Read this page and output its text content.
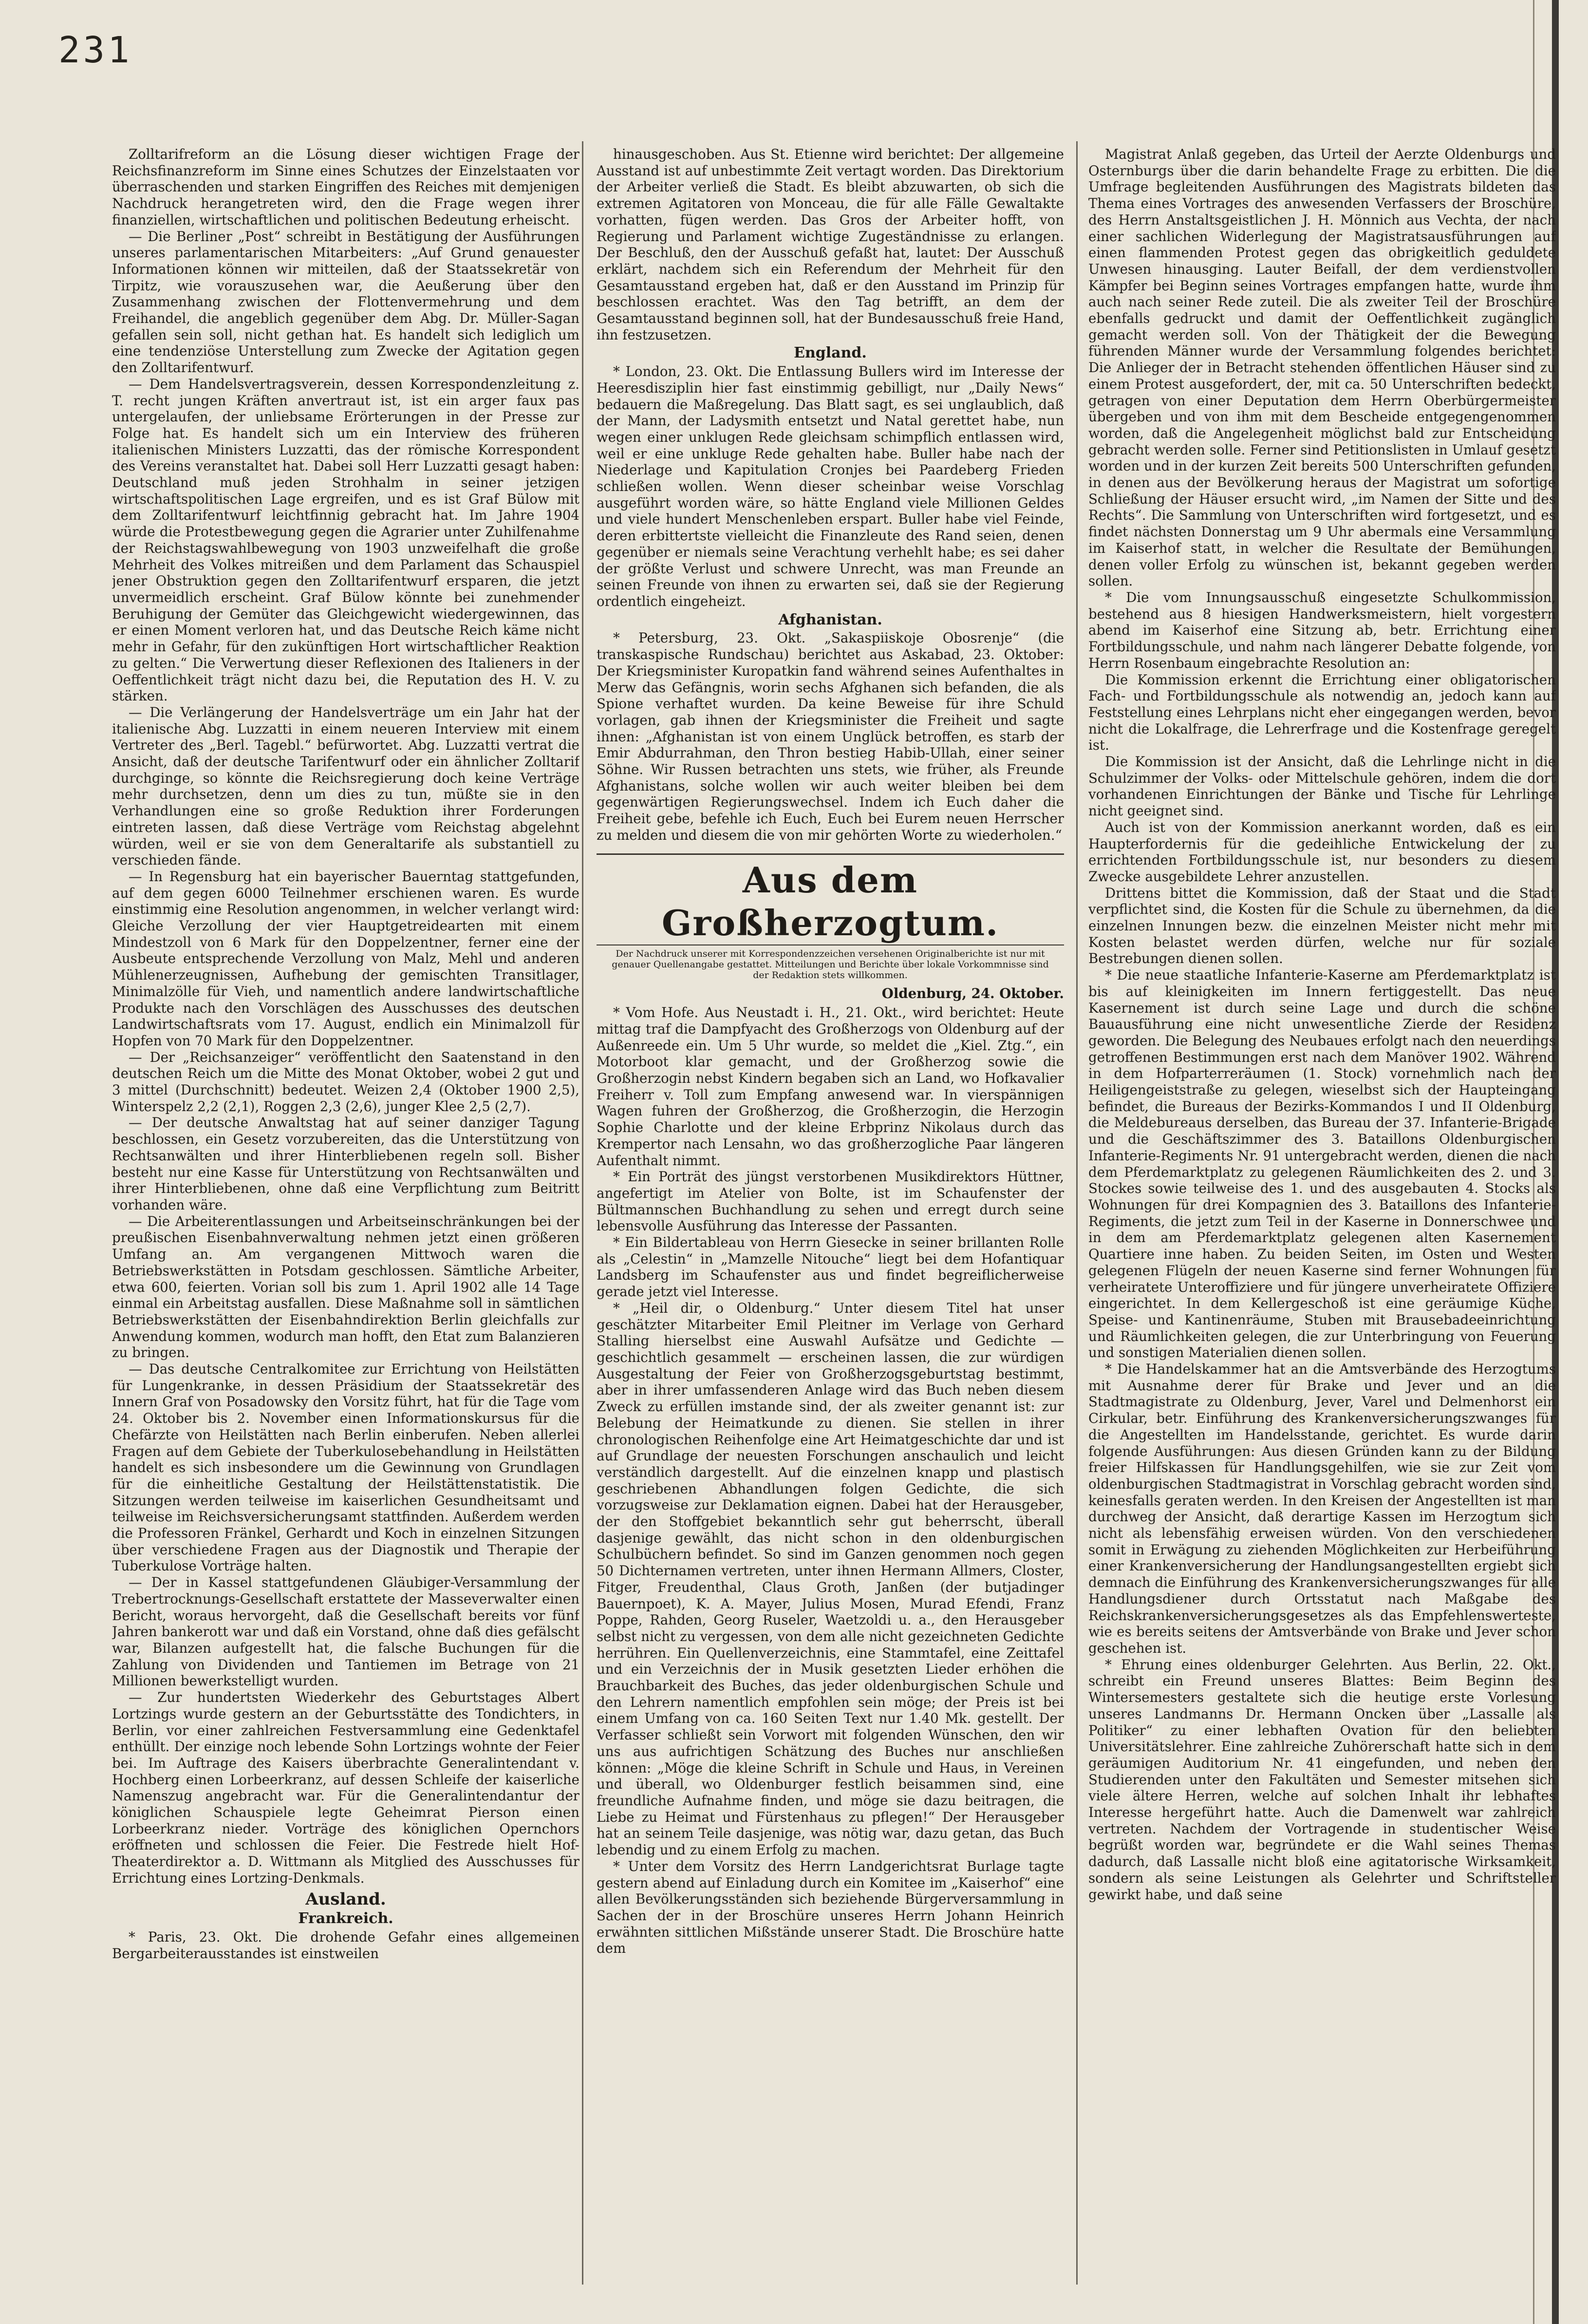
231

Zolltarifreform an die Lösung dieser wichtigen Frage der Reichsfinanzreform im Sinne eines Schutzes der Einzelstaaten vor überraschenden und starken Eingriffen des Reiches mit demjenigen Nachdruck herangetreten wird, den die Frage wegen ihrer finanziellen, wirtschaftlichen und politischen Bedeutung erheischt.

— Die Berliner „Post“ schreibt in Bestätigung der Ausführungen unseres parlamentarischen Mitarbeiters: „Auf Grund genauester Informationen können wir mitteilen, daß der Staatssekretär von Tirpitz, wie vorauszusehen war, die Aeußerung über den Zusammenhang zwischen der Flottenvermehrung und dem Freihandel, die angeblich gegenüber dem Abg. Dr. Müller-Sagan gefallen sein soll, nicht gethan hat. Es handelt sich lediglich um eine tendenziöse Unterstellung zum Zwecke der Agitation gegen den Zolltarifentwurf.

— Dem Handelsvertragsverein, dessen Korrespondenzleitung z. T. recht jungen Kräften anvertraut ist, ist ein arger faux pas untergelaufen, der unliebsame Erörterungen in der Presse zur Folge hat. Es handelt sich um ein Interview des früheren italienischen Ministers Luzzatti, das der römische Korrespondent des Vereins veranstaltet hat. Dabei soll Herr Luzzatti gesagt haben: Deutschland muß jeden Strohhalm in seiner jetzigen wirtschaftspolitischen Lage ergreifen, und es ist Graf Bülow mit dem Zolltarifentwurf leichtfinnig gebracht hat. Im Jahre 1904 würde die Protestbewegung gegen die Agrarier unter Zuhilfenahme der Reichstagswahlbewegung von 1903 unzweifelhaft die große Mehrheit des Volkes mitreißen und dem Parlament das Schauspiel jener Obstruktion gegen den Zolltarifentwurf ersparen, die jetzt unvermeidlich erscheint. Graf Bülow könnte bei zunehmender Beruhigung der Gemüter das Gleichgewicht wiedergewinnen, das er einen Moment verloren hat, und das Deutsche Reich käme nicht mehr in Gefahr, für den zukünftigen Hort wirtschaftlicher Reaktion zu gelten.“ Die Verwertung dieser Reflexionen des Italieners in der Oeffentlichkeit trägt nicht dazu bei, die Reputation des H. V. zu stärken.

— Die Verlängerung der Handelsverträge um ein Jahr hat der italienische Abg. Luzzatti in einem neueren Interview mit einem Vertreter des „Berl. Tagebl.“ befürwortet. Abg. Luzzatti vertrat die Ansicht, daß der deutsche Tarifentwurf oder ein ähnlicher Zolltarif durchginge, so könnte die Reichsregierung doch keine Verträge mehr durchsetzen, denn um dies zu tun, müßte sie in den Verhandlungen eine so große Reduktion ihrer Forderungen eintreten lassen, daß diese Verträge vom Reichstag abgelehnt würden, weil er sie von dem Generaltarife als substantiell zu verschieden fände.

— In Regensburg hat ein bayerischer Bauerntag stattgefunden, auf dem gegen 6000 Teilnehmer erschienen waren. Es wurde einstimmig eine Resolution angenommen, in welcher verlangt wird: Gleiche Verzollung der vier Hauptgetreidearten mit einem Mindestzoll von 6 Mark für den Doppelzentner, ferner eine der Ausbeute entsprechende Verzollung von Malz, Mehl und anderen Mühlenerzeugnissen, Aufhebung der gemischten Transitlager, Minimalzölle für Vieh, und namentlich andere landwirtschaftliche Produkte nach den Vorschlägen des Ausschusses des deutschen Landwirtschaftsrats vom 17. August, endlich ein Minimalzoll für Hopfen von 70 Mark für den Doppelzentner.

— Der „Reichsanzeiger“ veröffentlicht den Saatenstand in den deutschen Reich um die Mitte des Monat Oktober, wobei 2 gut und 3 mittel (Durchschnitt) bedeutet. Weizen 2,4 (Oktober 1900 2,5), Winterspelz 2,2 (2,1), Roggen 2,3 (2,6), junger Klee 2,5 (2,7).

— Der deutsche Anwaltstag hat auf seiner danziger Tagung beschlossen, ein Gesetz vorzubereiten, das die Unterstützung von Rechtsanwälten und ihrer Hinterbliebenen regeln soll. Bisher besteht nur eine Kasse für Unterstützung von Rechtsanwälten und ihrer Hinterbliebenen, ohne daß eine Verpflichtung zum Beitritt vorhanden wäre.

— Die Arbeiterentlassungen und Arbeitseinschränkungen bei der preußischen Eisenbahnverwaltung nehmen jetzt einen größeren Umfang an. Am vergangenen Mittwoch waren die Betriebswerkstätten in Potsdam geschlossen. Sämtliche Arbeiter, etwa 600, feierten. Vorian soll bis zum 1. April 1902 alle 14 Tage einmal ein Arbeitstag ausfallen. Diese Maßnahme soll in sämtlichen Betriebswerkstätten der Eisenbahndirektion Berlin gleichfalls zur Anwendung kommen, wodurch man hofft, den Etat zum Balanzieren zu bringen.

— Das deutsche Centralkomitee zur Errichtung von Heilstätten für Lungenkranke, in dessen Präsidium der Staatssekretär des Innern Graf von Posadowsky den Vorsitz führt, hat für die Tage vom 24. Oktober bis 2. November einen Informationskursus für die Chefärzte von Heilstätten nach Berlin einberufen. Neben allerlei Fragen auf dem Gebiete der Tuberkulosebehandlung in Heilstätten handelt es sich insbesondere um die Gewinnung von Grundlagen für die einheitliche Gestaltung der Heilstättenstatistik. Die Sitzungen werden teilweise im kaiserlichen Gesundheitsamt und teilweise im Reichsversicherungsamt stattfinden. Außerdem werden die Professoren Fränkel, Gerhardt und Koch in einzelnen Sitzungen über verschiedene Fragen aus der Diagnostik und Therapie der Tuberkulose Vorträge halten.

— Der in Kassel stattgefundenen Gläubiger-Versammlung der Trebertrocknungs-Gesellschaft erstattete der Masseverwalter einen Bericht, woraus hervorgeht, daß die Gesellschaft bereits vor fünf Jahren bankerott war und daß ein Vorstand, ohne daß dies gefälscht war, Bilanzen aufgestellt hat, die falsche Buchungen für die Zahlung von Dividenden und Tantiemen im Betrage von 21 Millionen bewerkstelligt wurden.

— Zur hundertsten Wiederkehr des Geburtstages Albert Lortzings wurde gestern an der Geburtsstätte des Tondichters, in Berlin, vor einer zahlreichen Festversammlung eine Gedenktafel enthüllt. Der einzige noch lebende Sohn Lortzings wohnte der Feier bei. Im Auftrage des Kaisers überbrachte Generalintendant v. Hochberg einen Lorbeerkranz, auf dessen Schleife der kaiserliche Namenszug angebracht war. Für die Generalintendantur der königlichen Schauspiele legte Geheimrat Pierson einen Lorbeerkranz nieder. Vorträge des königlichen Opernchors eröffneten und schlossen die Feier. Die Festrede hielt Hof-Theaterdirektor a. D. Wittmann als Mitglied des Ausschusses für Errichtung eines Lortzing-Denkmals.

Ausland.

Frankreich.

* Paris, 23. Okt. Die drohende Gefahr eines allgemeinen Bergarbeiterausstandes ist einstweilen

hinausgeschoben. Aus St. Etienne wird berichtet: Der allgemeine Ausstand ist auf unbestimmte Zeit vertagt worden. Das Direktorium der Arbeiter verließ die Stadt. Es bleibt abzuwarten, ob sich die extremen Agitatoren von Monceau, die für alle Fälle Gewaltakte vorhatten, fügen werden. Das Gros der Arbeiter hofft, von Regierung und Parlament wichtige Zugeständnisse zu erlangen. Der Beschluß, den der Ausschuß gefaßt hat, lautet: Der Ausschuß erklärt, nachdem sich ein Referendum der Mehrheit für den Gesamtausstand ergeben hat, daß er den Ausstand im Prinzip für beschlossen erachtet. Was den Tag betrifft, an dem der Gesamtausstand beginnen soll, hat der Bundesausschuß freie Hand, ihn festzusetzen.

England.

* London, 23. Okt. Die Entlassung Bullers wird im Interesse der Heeresdisziplin hier fast einstimmig gebilligt, nur „Daily News“ bedauern die Maßregelung. Das Blatt sagt, es sei unglaublich, daß der Mann, der Ladysmith entsetzt und Natal gerettet habe, nun wegen einer unklugen Rede gleichsam schimpflich entlassen wird, weil er eine unkluge Rede gehalten habe. Buller habe nach der Niederlage und Kapitulation Cronjes bei Paardeberg Frieden schließen wollen. Wenn dieser scheinbar weise Vorschlag ausgeführt worden wäre, so hätte England viele Millionen Geldes und viele hundert Menschenleben erspart. Buller habe viel Feinde, deren erbittertste vielleicht die Finanzleute des Rand seien, denen gegenüber er niemals seine Verachtung verhehlt habe; es sei daher der größte Verlust und schwere Unrecht, was man Freunde an seinen Freunde von ihnen zu erwarten sei, daß sie der Regierung ordentlich eingeheizt.

Afghanistan.

* Petersburg, 23. Okt. „Sakaspiiskoje Obosrenje“ (die transkaspische Rundschau) berichtet aus Askabad, 23. Oktober: Der Kriegsminister Kuropatkin fand während seines Aufenthaltes in Merw das Gefängnis, worin sechs Afghanen sich befanden, die als Spione verhaftet wurden. Da keine Beweise für ihre Schuld vorlagen, gab ihnen der Kriegsminister die Freiheit und sagte ihnen: „Afghanistan ist von einem Unglück betroffen, es starb der Emir Abdurrahman, den Thron bestieg Habib-Ullah, einer seiner Söhne. Wir Russen betrachten uns stets, wie früher, als Freunde Afghanistans, solche wollen wir auch weiter bleiben bei dem gegenwärtigen Regierungswechsel. Indem ich Euch daher die Freiheit gebe, befehle ich Euch, Euch bei Eurem neuen Herrscher zu melden und diesem die von mir gehörten Worte zu wiederholen.“

Aus dem Großherzogtum.

Der Nachdruck unserer mit Korrespondenzzeichen versehenen Originalberichte ist nur mit genauer Quellenangabe gestattet. Mitteilungen und Berichte über lokale Vorkommnisse sind der Redaktion stets willkommen.

Oldenburg, 24. Oktober.

* Vom Hofe. Aus Neustadt i. H., 21. Okt., wird berichtet: Heute mittag traf die Dampfyacht des Großherzogs von Oldenburg auf der Außenreede ein. Um 5 Uhr wurde, so meldet die „Kiel. Ztg.“, ein Motorboot klar gemacht, und der Großherzog sowie die Großherzogin nebst Kindern begaben sich an Land, wo Hofkavalier Freiherr v. Toll zum Empfang anwesend war. In vierspännigen Wagen fuhren der Großherzog, die Großherzogin, die Herzogin Sophie Charlotte und der kleine Erbprinz Nikolaus durch das Krempertor nach Lensahn, wo das großherzogliche Paar längeren Aufenthalt nimmt.

* Ein Porträt des jüngst verstorbenen Musikdirektors Hüttner, angefertigt im Atelier von Bolte, ist im Schaufenster der Bültmannschen Buchhandlung zu sehen und erregt durch seine lebensvolle Ausführung das Interesse der Passanten.

* Ein Bildertableau von Herrn Giesecke in seiner brillanten Rolle als „Celestin“ in „Mamzelle Nitouche“ liegt bei dem Hofantiquar Landsberg im Schaufenster aus und findet begreiflicherweise gerade jetzt viel Interesse.

* „Heil dir, o Oldenburg.“ Unter diesem Titel hat unser geschätzter Mitarbeiter Emil Pleitner im Verlage von Gerhard Stalling hierselbst eine Auswahl Aufsätze und Gedichte — geschichtlich gesammelt — erscheinen lassen, die zur würdigen Ausgestaltung der Feier von Großherzogsgeburtstag bestimmt, aber in ihrer umfassenderen Anlage wird das Buch neben diesem Zweck zu erfüllen imstande sind, der als zweiter genannt ist: zur Belebung der Heimatkunde zu dienen. Sie stellen in ihrer chronologischen Reihenfolge eine Art Heimatgeschichte dar und ist auf Grundlage der neuesten Forschungen anschaulich und leicht verständlich dargestellt. Auf die einzelnen knapp und plastisch geschriebenen Abhandlungen folgen Gedichte, die sich vorzugsweise zur Deklamation eignen. Dabei hat der Herausgeber, der den Stoffgebiet bekanntlich sehr gut beherrscht, überall dasjenige gewählt, das nicht schon in den oldenburgischen Schulbüchern befindet. So sind im Ganzen genommen noch gegen 50 Dichternamen vertreten, unter ihnen Hermann Allmers, Closter, Fitger, Freudenthal, Claus Groth, Janßen (der butjadinger Bauernpoet), K. A. Mayer, Julius Mosen, Murad Efendi, Franz Poppe, Rahden, Georg Ruseler, Waetzoldi u. a., den Herausgeber selbst nicht zu vergessen, von dem alle nicht gezeichneten Gedichte herrühren. Ein Quellenverzeichnis, eine Stammtafel, eine Zeittafel und ein Verzeichnis der in Musik gesetzten Lieder erhöhen die Brauchbarkeit des Buches, das jeder oldenburgischen Schule und den Lehrern namentlich empfohlen sein möge; der Preis ist bei einem Umfang von ca. 160 Seiten Text nur 1.40 Mk. gestellt. Der Verfasser schließt sein Vorwort mit folgenden Wünschen, den wir uns aus aufrichtigen Schätzung des Buches nur anschließen können: „Möge die kleine Schrift in Schule und Haus, in Vereinen und überall, wo Oldenburger festlich beisammen sind, eine freundliche Aufnahme finden, und möge sie dazu beitragen, die Liebe zu Heimat und Fürstenhaus zu pflegen!“ Der Herausgeber hat an seinem Teile dasjenige, was nötig war, dazu getan, das Buch lebendig und zu einem Erfolg zu machen.

* Unter dem Vorsitz des Herrn Landgerichtsrat Burlage tagte gestern abend auf Einladung durch ein Komitee im „Kaiserhof“ eine allen Bevölkerungsständen sich beziehende Bürgerversammlung in Sachen der in der Broschüre unseres Herrn Johann Heinrich erwähnten sittlichen Mißstände unserer Stadt. Die Broschüre hatte dem

Magistrat Anlaß gegeben, das Urteil der Aerzte Oldenburgs und Osternburgs über die darin behandelte Frage zu erbitten. Die die Umfrage begleitenden Ausführungen des Magistrats bildeten das Thema eines Vortrages des anwesenden Verfassers der Broschüre, des Herrn Anstaltsgeistlichen J. H. Mönnich aus Vechta, der nach einer sachlichen Widerlegung der Magistratsausführungen auf einen flammenden Protest gegen das obrigkeitlich geduldete Unwesen hinausging. Lauter Beifall, der dem verdienstvollen Kämpfer bei Beginn seines Vortrages empfangen hatte, wurde ihm auch nach seiner Rede zuteil. Die als zweiter Teil der Broschüre ebenfalls gedruckt und damit der Oeffentlichkeit zugänglich gemacht werden soll. Von der Thätigkeit der die Bewegung führenden Männer wurde der Versammlung folgendes berichtet: Die Anlieger der in Betracht stehenden öffentlichen Häuser sind zu einem Protest ausgefordert, der, mit ca. 50 Unterschriften bedeckt, getragen von einer Deputation dem Herrn Oberbürgermeister übergeben und von ihm mit dem Bescheide entgegengenommen worden, daß die Angelegenheit möglichst bald zur Entscheidung gebracht werden solle. Ferner sind Petitionslisten in Umlauf gesetzt worden und in der kurzen Zeit bereits 500 Unterschriften gefunden, in denen aus der Bevölkerung heraus der Magistrat um sofortige Schließung der Häuser ersucht wird, „im Namen der Sitte und des Rechts“. Die Sammlung von Unterschriften wird fortgesetzt, und es findet nächsten Donnerstag um 9 Uhr abermals eine Versammlung im Kaiserhof statt, in welcher die Resultate der Bemühungen, denen voller Erfolg zu wünschen ist, bekannt gegeben werden sollen.

* Die vom Innungsausschuß eingesetzte Schulkommission, bestehend aus 8 hiesigen Handwerksmeistern, hielt vorgestern abend im Kaiserhof eine Sitzung ab, betr. Errichtung einer Fortbildungsschule, und nahm nach längerer Debatte folgende, von Herrn Rosenbaum eingebrachte Resolution an:

Die Kommission erkennt die Errichtung einer obligatorischen Fach- und Fortbildungsschule als notwendig an, jedoch kann auf Feststellung eines Lehrplans nicht eher eingegangen werden, bevor nicht die Lokalfrage, die Lehrerfrage und die Kostenfrage geregelt ist.

Die Kommission ist der Ansicht, daß die Lehrlinge nicht in die Schulzimmer der Volks- oder Mittelschule gehören, indem die dort vorhandenen Einrichtungen der Bänke und Tische für Lehrlinge nicht geeignet sind.

Auch ist von der Kommission anerkannt worden, daß es ein Haupterfordernis für die gedeihliche Entwickelung der zu errichtenden Fortbildungsschule ist, nur besonders zu diesem Zwecke ausgebildete Lehrer anzustellen.

Drittens bittet die Kommission, daß der Staat und die Stadt verpflichtet sind, die Kosten für die Schule zu übernehmen, da die einzelnen Innungen bezw. die einzelnen Meister nicht mehr mit Kosten belastet werden dürfen, welche nur für soziale Bestrebungen dienen sollen.

* Die neue staatliche Infanterie-Kaserne am Pferdemarktplatz ist bis auf kleinigkeiten im Innern fertiggestellt. Das neue Kasernement ist durch seine Lage und durch die schöne Bauausführung eine nicht unwesentliche Zierde der Residenz geworden. Die Belegung des Neubaues erfolgt nach den neuerdings getroffenen Bestimmungen erst nach dem Manöver 1902. Während in dem Hofparterreräumen (1. Stock) vornehmlich nach der Heiligengeiststraße zu gelegen, wieselbst sich der Haupteingang befindet, die Bureaus der Bezirks-Kommandos I und II Oldenburg, die Meldebureaus derselben, das Bureau der 37. Infanterie-Brigade und die Geschäftszimmer des 3. Bataillons Oldenburgischen Infanterie-Regiments Nr. 91 untergebracht werden, dienen die nach dem Pferdemarktplatz zu gelegenen Räumlichkeiten des 2. und 3. Stockes sowie teilweise des 1. und des ausgebauten 4. Stocks als Wohnungen für drei Kompagnien des 3. Bataillons des Infanterie-Regiments, die jetzt zum Teil in der Kaserne in Donnerschwee und in dem am Pferdemarktplatz gelegenen alten Kasernement Quartiere inne haben. Zu beiden Seiten, im Osten und Westen gelegenen Flügeln der neuen Kaserne sind ferner Wohnungen für verheiratete Unteroffiziere und für jüngere unverheiratete Offiziere eingerichtet. In dem Kellergeschoß ist eine geräumige Küche, Speise- und Kantinenräume, Stuben mit Brausebadeeinrichtung und Räumlichkeiten gelegen, die zur Unterbringung von Feuerung und sonstigen Materialien dienen sollen.

* Die Handelskammer hat an die Amtsverbände des Herzogtums mit Ausnahme derer für Brake und Jever und an die Stadtmagistrate zu Oldenburg, Jever, Varel und Delmenhorst ein Cirkular, betr. Einführung des Krankenversicherungszwanges für die Angestellten im Handelsstande, gerichtet. Es wurde darin folgende Ausführungen: Aus diesen Gründen kann zu der Bildung freier Hilfskassen für Handlungsgehilfen, wie sie zur Zeit vom oldenburgischen Stadtmagistrat in Vorschlag gebracht worden sind, keinesfalls geraten werden. In den Kreisen der Angestellten ist man durchweg der Ansicht, daß derartige Kassen im Herzogtum sich nicht als lebensfähig erweisen würden. Von den verschiedenen somit in Erwägung zu ziehenden Möglichkeiten zur Herbeiführung einer Krankenversicherung der Handlungsangestellten ergiebt sich demnach die Einführung des Krankenversicherungszwanges für alle Handlungsdiener durch Ortsstatut nach Maßgabe des Reichskrankenversicherungsgesetzes als das Empfehlenswerteste, wie es bereits seitens der Amtsverbände von Brake und Jever schon geschehen ist.

* Ehrung eines oldenburger Gelehrten. Aus Berlin, 22. Okt., schreibt ein Freund unseres Blattes: Beim Beginn des Wintersemesters gestaltete sich die heutige erste Vorlesung unseres Landmanns Dr. Hermann Oncken über „Lassalle als Politiker“ zu einer lebhaften Ovation für den beliebten Universitätslehrer. Eine zahlreiche Zuhörerschaft hatte sich in dem geräumigen Auditorium Nr. 41 eingefunden, und neben den Studierenden unter den Fakultäten und Semester mitsehen sich viele ältere Herren, welche auf solchen Inhalt ihr lebhaftes Interesse hergeführt hatte. Auch die Damenwelt war zahlreich vertreten. Nachdem der Vortragende in studentischer Weise begrüßt worden war, begründete er die Wahl seines Themas dadurch, daß Lassalle nicht bloß eine agitatorische Wirksamkeit, sondern als seine Leistungen als Gelehrter und Schriftsteller gewirkt habe, und daß seine
